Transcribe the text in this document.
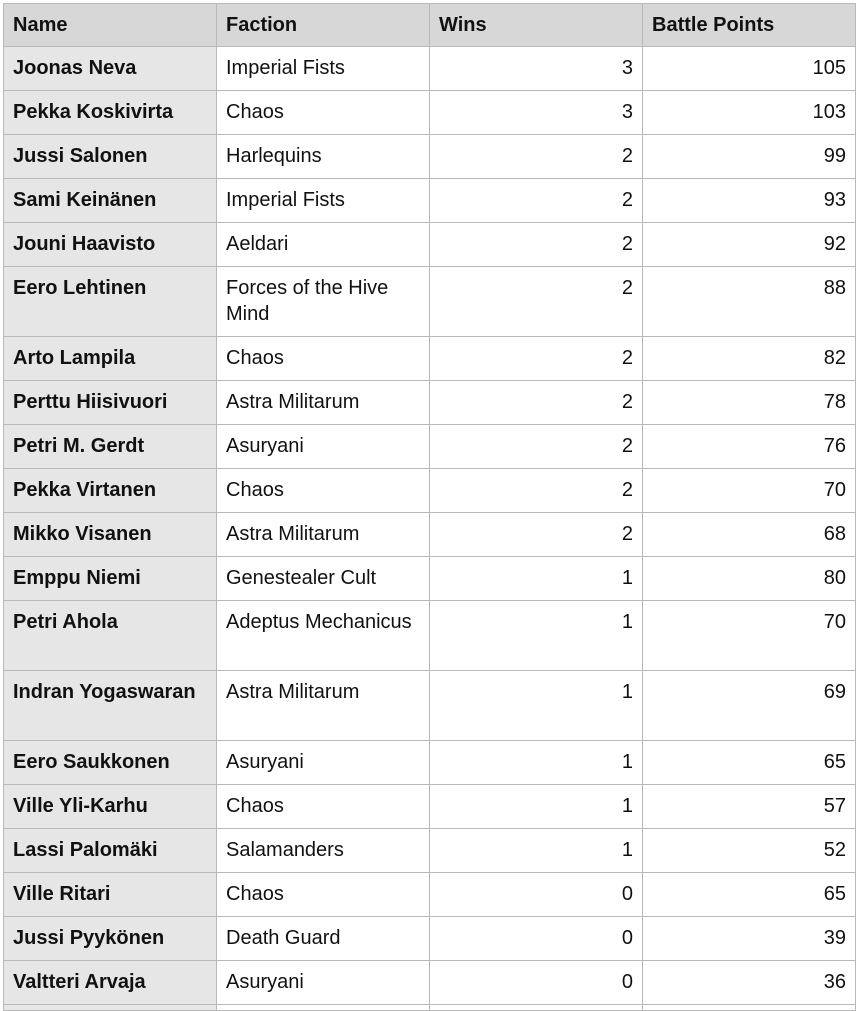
Name	Faction	Wins	Battle Points
Joonas Neva	Imperial Fists	3	105
Pekka Koskivirta	Chaos	3	103
Jussi Salonen	Harlequins	2	99
Sami Keinänen	Imperial Fists	2	93
Jouni Haavisto	Aeldari	2	92
Eero Lehtinen	Forces of the Hive Mind	2	88
Arto Lampila	Chaos	2	82
Perttu Hiisivuori	Astra Militarum	2	78
Petri M. Gerdt	Asuryani	2	76
Pekka Virtanen	Chaos	2	70
Mikko Visanen	Astra Militarum	2	68
Emppu Niemi	Genestealer Cult	1	80
Petri Ahola	Adeptus Mechanicus	1	70
Indran Yogaswaran	Astra Militarum	1	69
Eero Saukkonen	Asuryani	1	65
Ville Yli-Karhu	Chaos	1	57
Lassi Palomäki	Salamanders	1	52
Ville Ritari	Chaos	0	65
Jussi Pyykönen	Death Guard	0	39
Valtteri Arvaja	Asuryani	0	36
